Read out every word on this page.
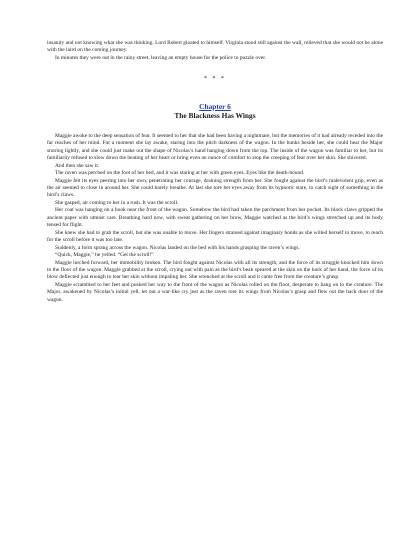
insanity and not knowing what she was thinking. Lord Robert gloated to himself. Virginia stood still against the wall, relieved that she would not be alone with the laird on the coming journey.

In minutes they were out in the rainy street, leaving an empty house for the police to puzzle over.

* * *
Chapter 6
The Blackness Has Wings

Maggie awoke to the deep sensation of fear. It seemed to her that she had been having a nightmare, but the memories of it had already receded into the far reaches of her mind. For a moment she lay awake, staring into the pitch darkness of the wagon. In the bunks beside her, she could hear the Major snoring lightly, and she could just make out the shape of Nicolas’s hand hanging down from the top. The inside of the wagon was familiar to her, but its familiarity refused to slow down the beating of her heart or bring even an ounce of comfort to stop the creeping of fear over her skin. She shivered.

And then she saw it.

The raven was perched on the foot of her bed, and it was staring at her with green eyes. Eyes like the death-hound.

Maggie felt its eyes peering into her own, penetrating her courage, draining strength from her. She fought against the bird’s malevolent grip, even as the air seemed to close in around her. She could barely breathe. At last she tore her eyes away from its hypnotic stare, to catch sight of something in the bird’s claws.

She gasped, air coming to her in a rush. It was the scroll.

Her coat was hanging on a hook near the front of the wagon. Somehow the bird had taken the parchment from her pocket. Its black claws gripped the ancient paper with utmost care. Breathing hard now, with sweat gathering on her brow, Maggie watched as the bird’s wings stretched up and its body tensed for flight.

She knew she had to grab the scroll, but she was unable to move. Her fingers strained against imaginary bonds as she willed herself to move, to reach for the scroll before it was too late.

Suddenly, a form sprang across the wagon. Nicolas landed on the bed with his hands grasping the raven’s wings.

“Quick, Maggie,” he yelled. “Get the scroll!”

Maggie lurched forward, her immobility broken. The bird fought against Nicolas with all its strength, and the force of its struggle knocked him down to the floor of the wagon. Maggie grabbed at the scroll, crying out with pain as the bird’s beak speared at the skin on the back of her hand, the force of its blow deflected just enough to tear her skin without impaling her. She wrenched at the scroll and it came free from the creature’s grasp.

Maggie scrambled to her feet and pushed her way to the front of the wagon as Nicolas rolled on the floor, desperate to hang on to the creature. The Major, awakened by Nicolas’s initial yell, let out a war-like cry just as the raven tore its wings from Nicolas’s grasp and flew out the back door of the wagon.
